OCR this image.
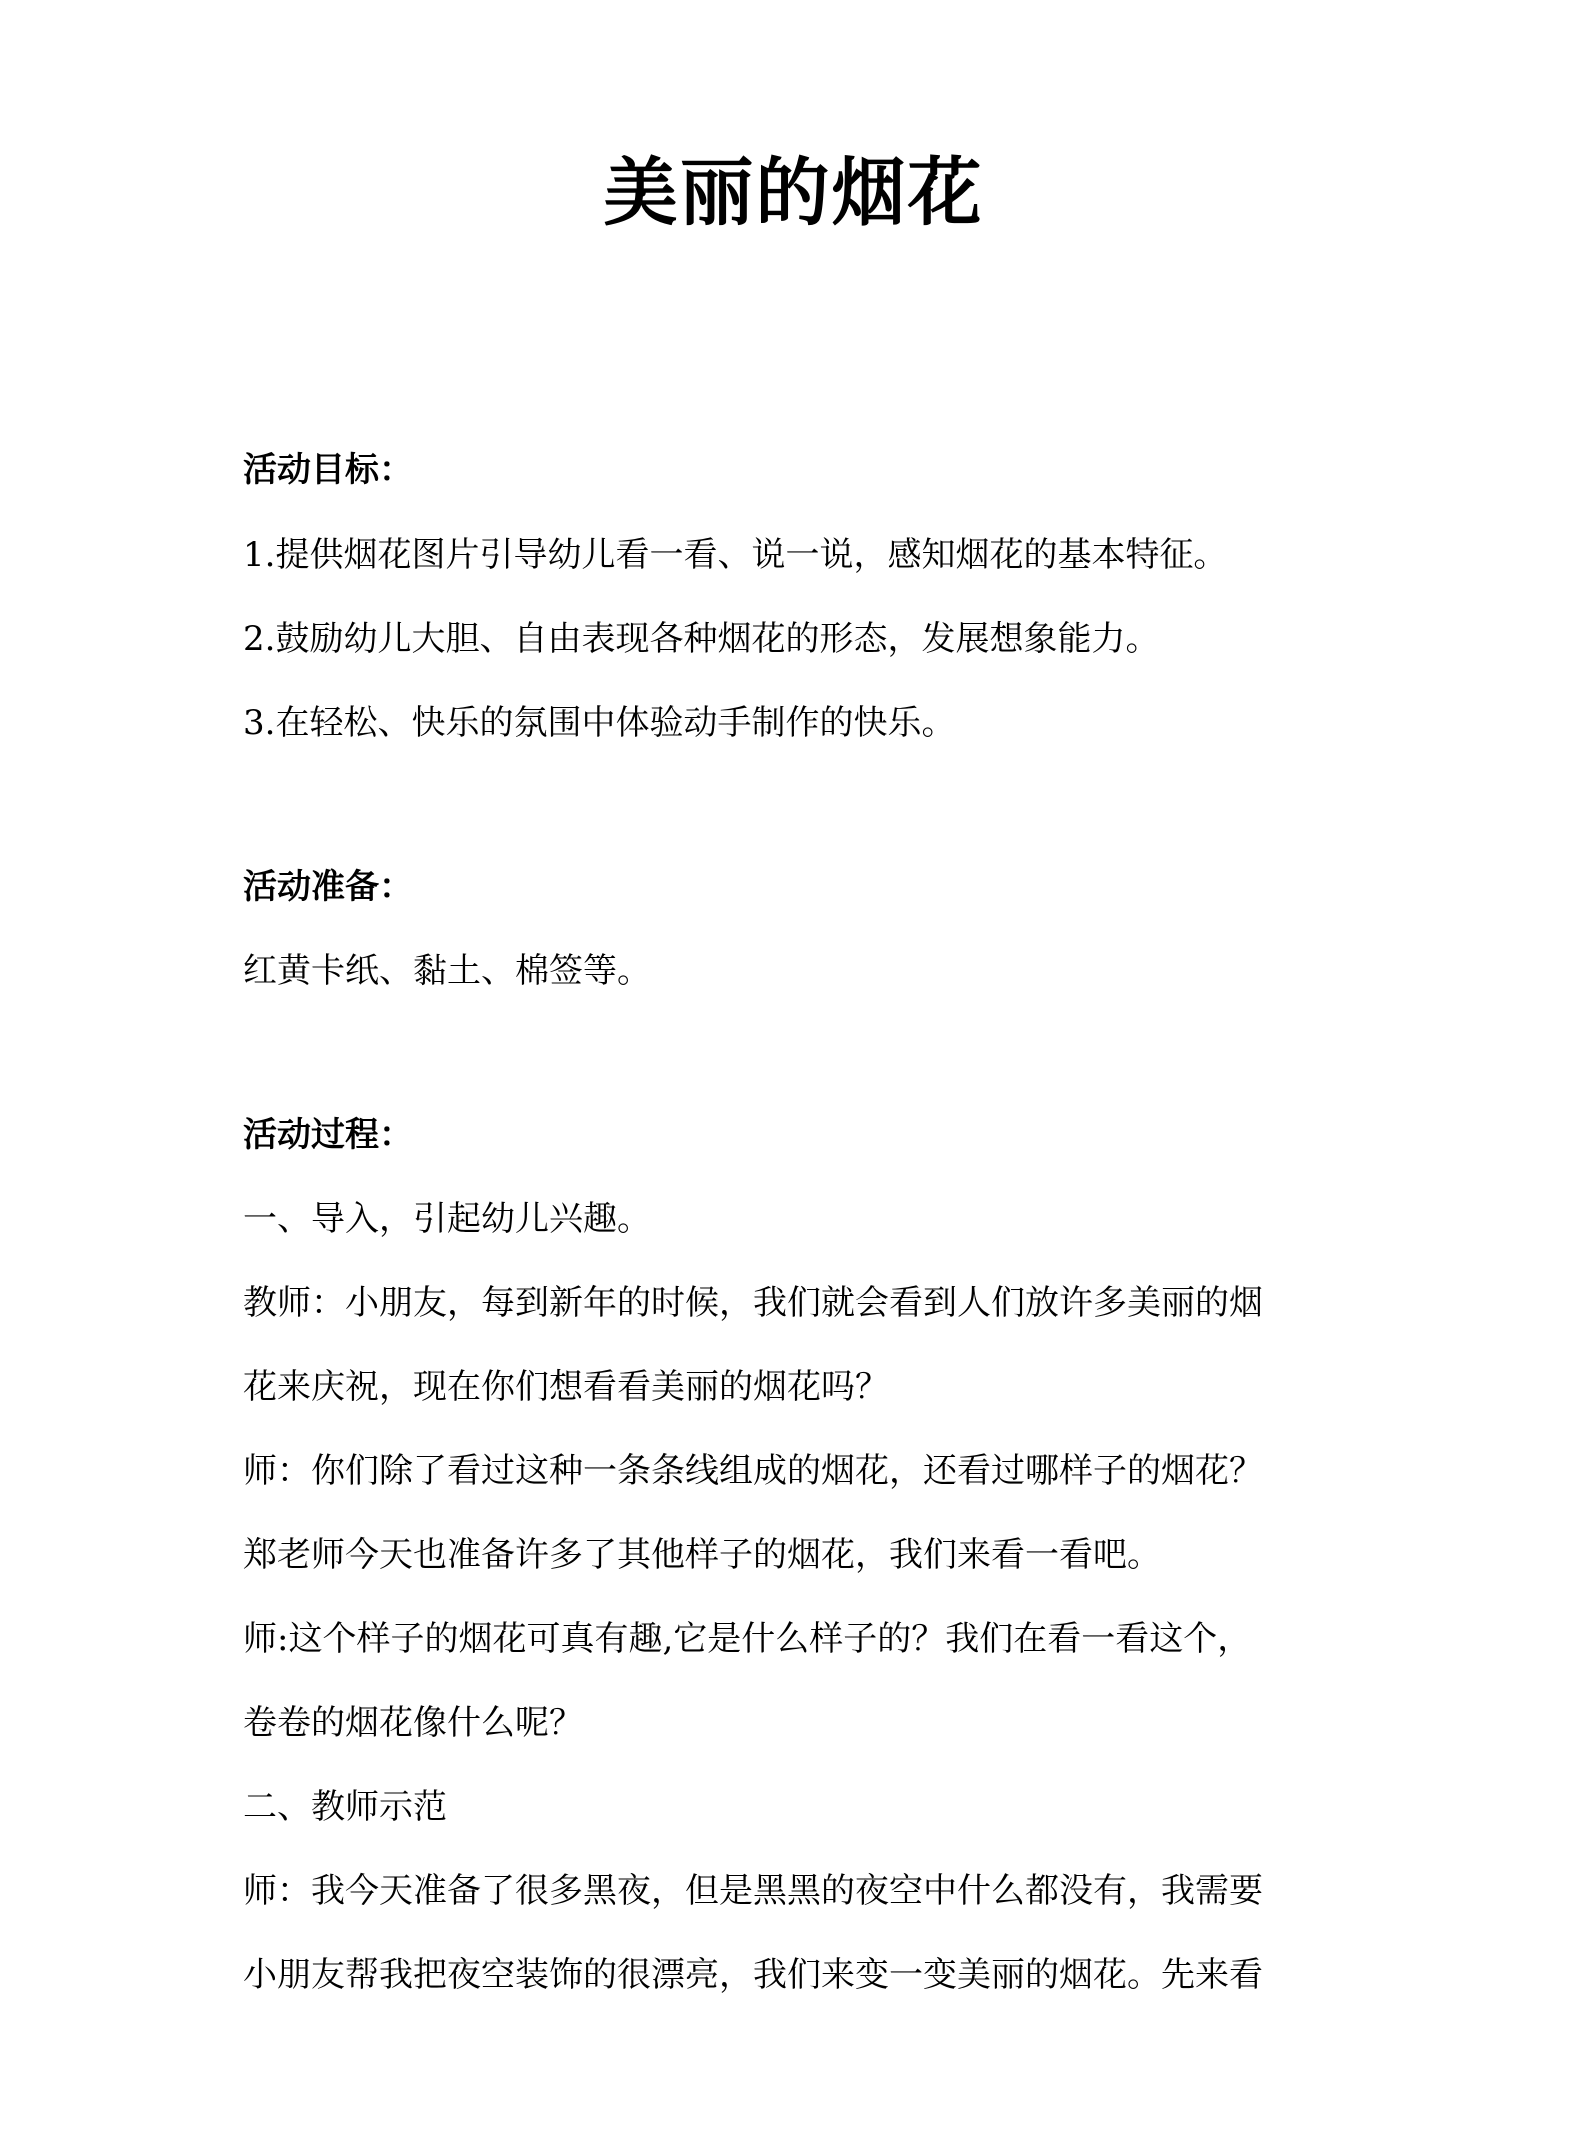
美丽的烟花

活动目标：

1.提供烟花图片引导幼儿看一看、说一说，感知烟花的基本特征。

2.鼓励幼儿大胆、自由表现各种烟花的形态，发展想象能力。

3.在轻松、快乐的氛围中体验动手制作的快乐。

活动准备：

红黄卡纸、黏土、棉签等。

活动过程：

一、导入，引起幼儿兴趣。

教师：小朋友，每到新年的时候，我们就会看到人们放许多美丽的烟

花来庆祝，现在你们想看看美丽的烟花吗？

师：你们除了看过这种一条条线组成的烟花，还看过哪样子的烟花？

郑老师今天也准备许多了其他样子的烟花，我们来看一看吧。

师:这个样子的烟花可真有趣,它是什么样子的？我们在看一看这个，

卷卷的烟花像什么呢？

二、教师示范

师：我今天准备了很多黑夜，但是黑黑的夜空中什么都没有，我需要

小朋友帮我把夜空装饰的很漂亮，我们来变一变美丽的烟花。先来看
